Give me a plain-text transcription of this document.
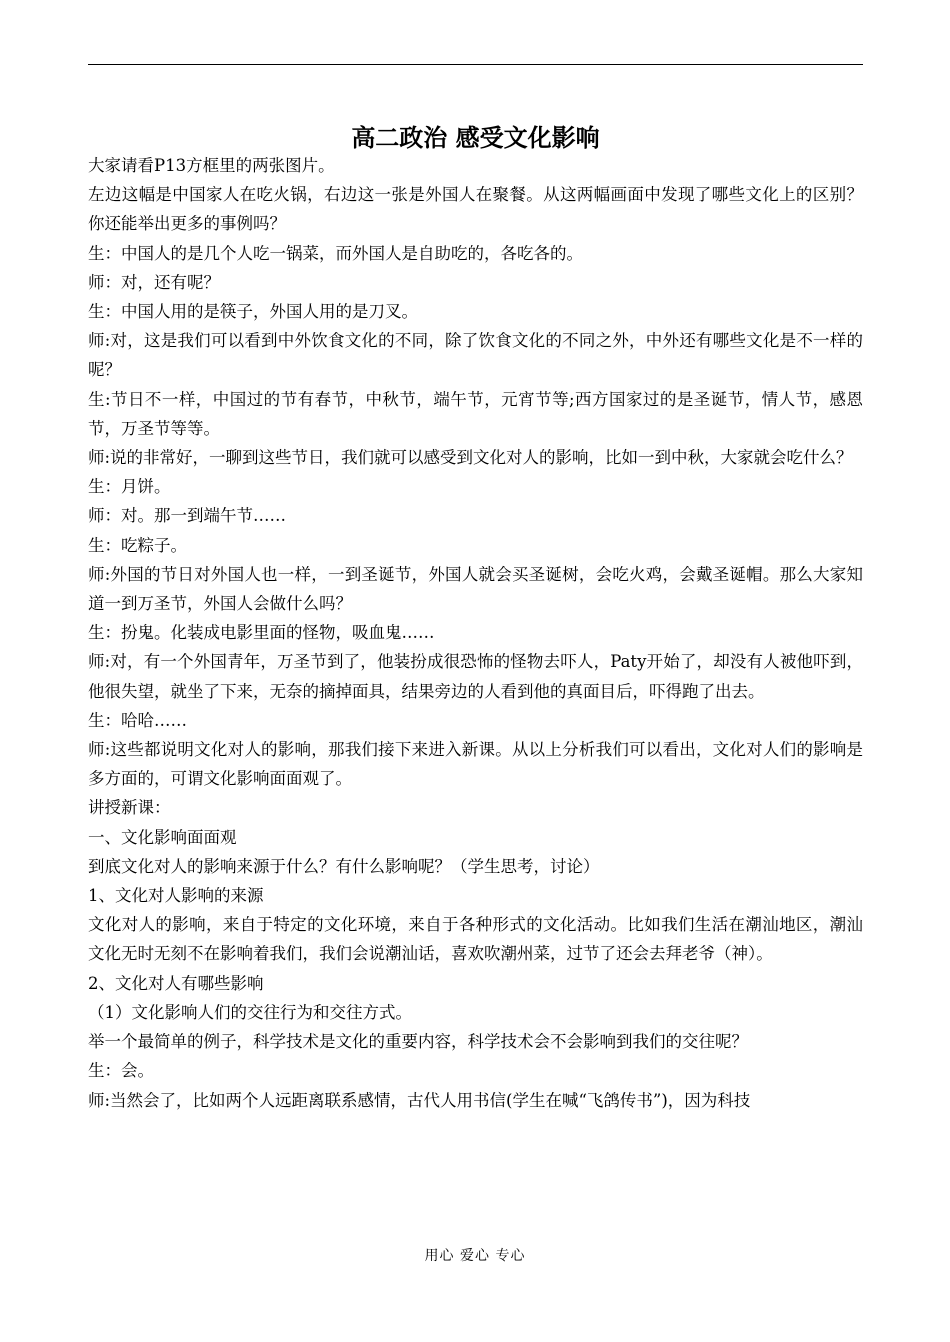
高二政治 感受文化影响

大家请看P13方框里的两张图片。

左边这幅是中国家人在吃火锅，右边这一张是外国人在聚餐。从这两幅画面中发现了哪些文化上的区别？你还能举出更多的事例吗？

生：中国人的是几个人吃一锅菜，而外国人是自助吃的，各吃各的。

师：对，还有呢？

生：中国人用的是筷子，外国人用的是刀叉。

师:对，这是我们可以看到中外饮食文化的不同，除了饮食文化的不同之外，中外还有哪些文化是不一样的呢？

生:节日不一样，中国过的节有春节，中秋节，端午节，元宵节等;西方国家过的是圣诞节，情人节，感恩节，万圣节等等。

师:说的非常好，一聊到这些节日，我们就可以感受到文化对人的影响，比如一到中秋，大家就会吃什么？

生：月饼。

师：对。那一到端午节……

生：吃粽子。

师:外国的节日对外国人也一样，一到圣诞节，外国人就会买圣诞树，会吃火鸡，会戴圣诞帽。那么大家知道一到万圣节，外国人会做什么吗？

生：扮鬼。化装成电影里面的怪物，吸血鬼……

师:对，有一个外国青年，万圣节到了，他装扮成很恐怖的怪物去吓人，Paty开始了，却没有人被他吓到，他很失望，就坐了下来，无奈的摘掉面具，结果旁边的人看到他的真面目后，吓得跑了出去。

生：哈哈……

师:这些都说明文化对人的影响，那我们接下来进入新课。从以上分析我们可以看出，文化对人们的影响是多方面的，可谓文化影响面面观了。

讲授新课：

一、文化影响面面观

到底文化对人的影响来源于什么？有什么影响呢？（学生思考，讨论）

1、文化对人影响的来源

文化对人的影响，来自于特定的文化环境，来自于各种形式的文化活动。比如我们生活在潮汕地区，潮汕文化无时无刻不在影响着我们，我们会说潮汕话，喜欢吹潮州菜，过节了还会去拜老爷（神）。

2、文化对人有哪些影响

（1）文化影响人们的交往行为和交往方式。

举一个最简单的例子，科学技术是文化的重要内容，科学技术会不会影响到我们的交往呢？

生：会。

师:当然会了，比如两个人远距离联系感情，古代人用书信(学生在喊“飞鸽传书”)，因为科技

用心 爱心 专心
